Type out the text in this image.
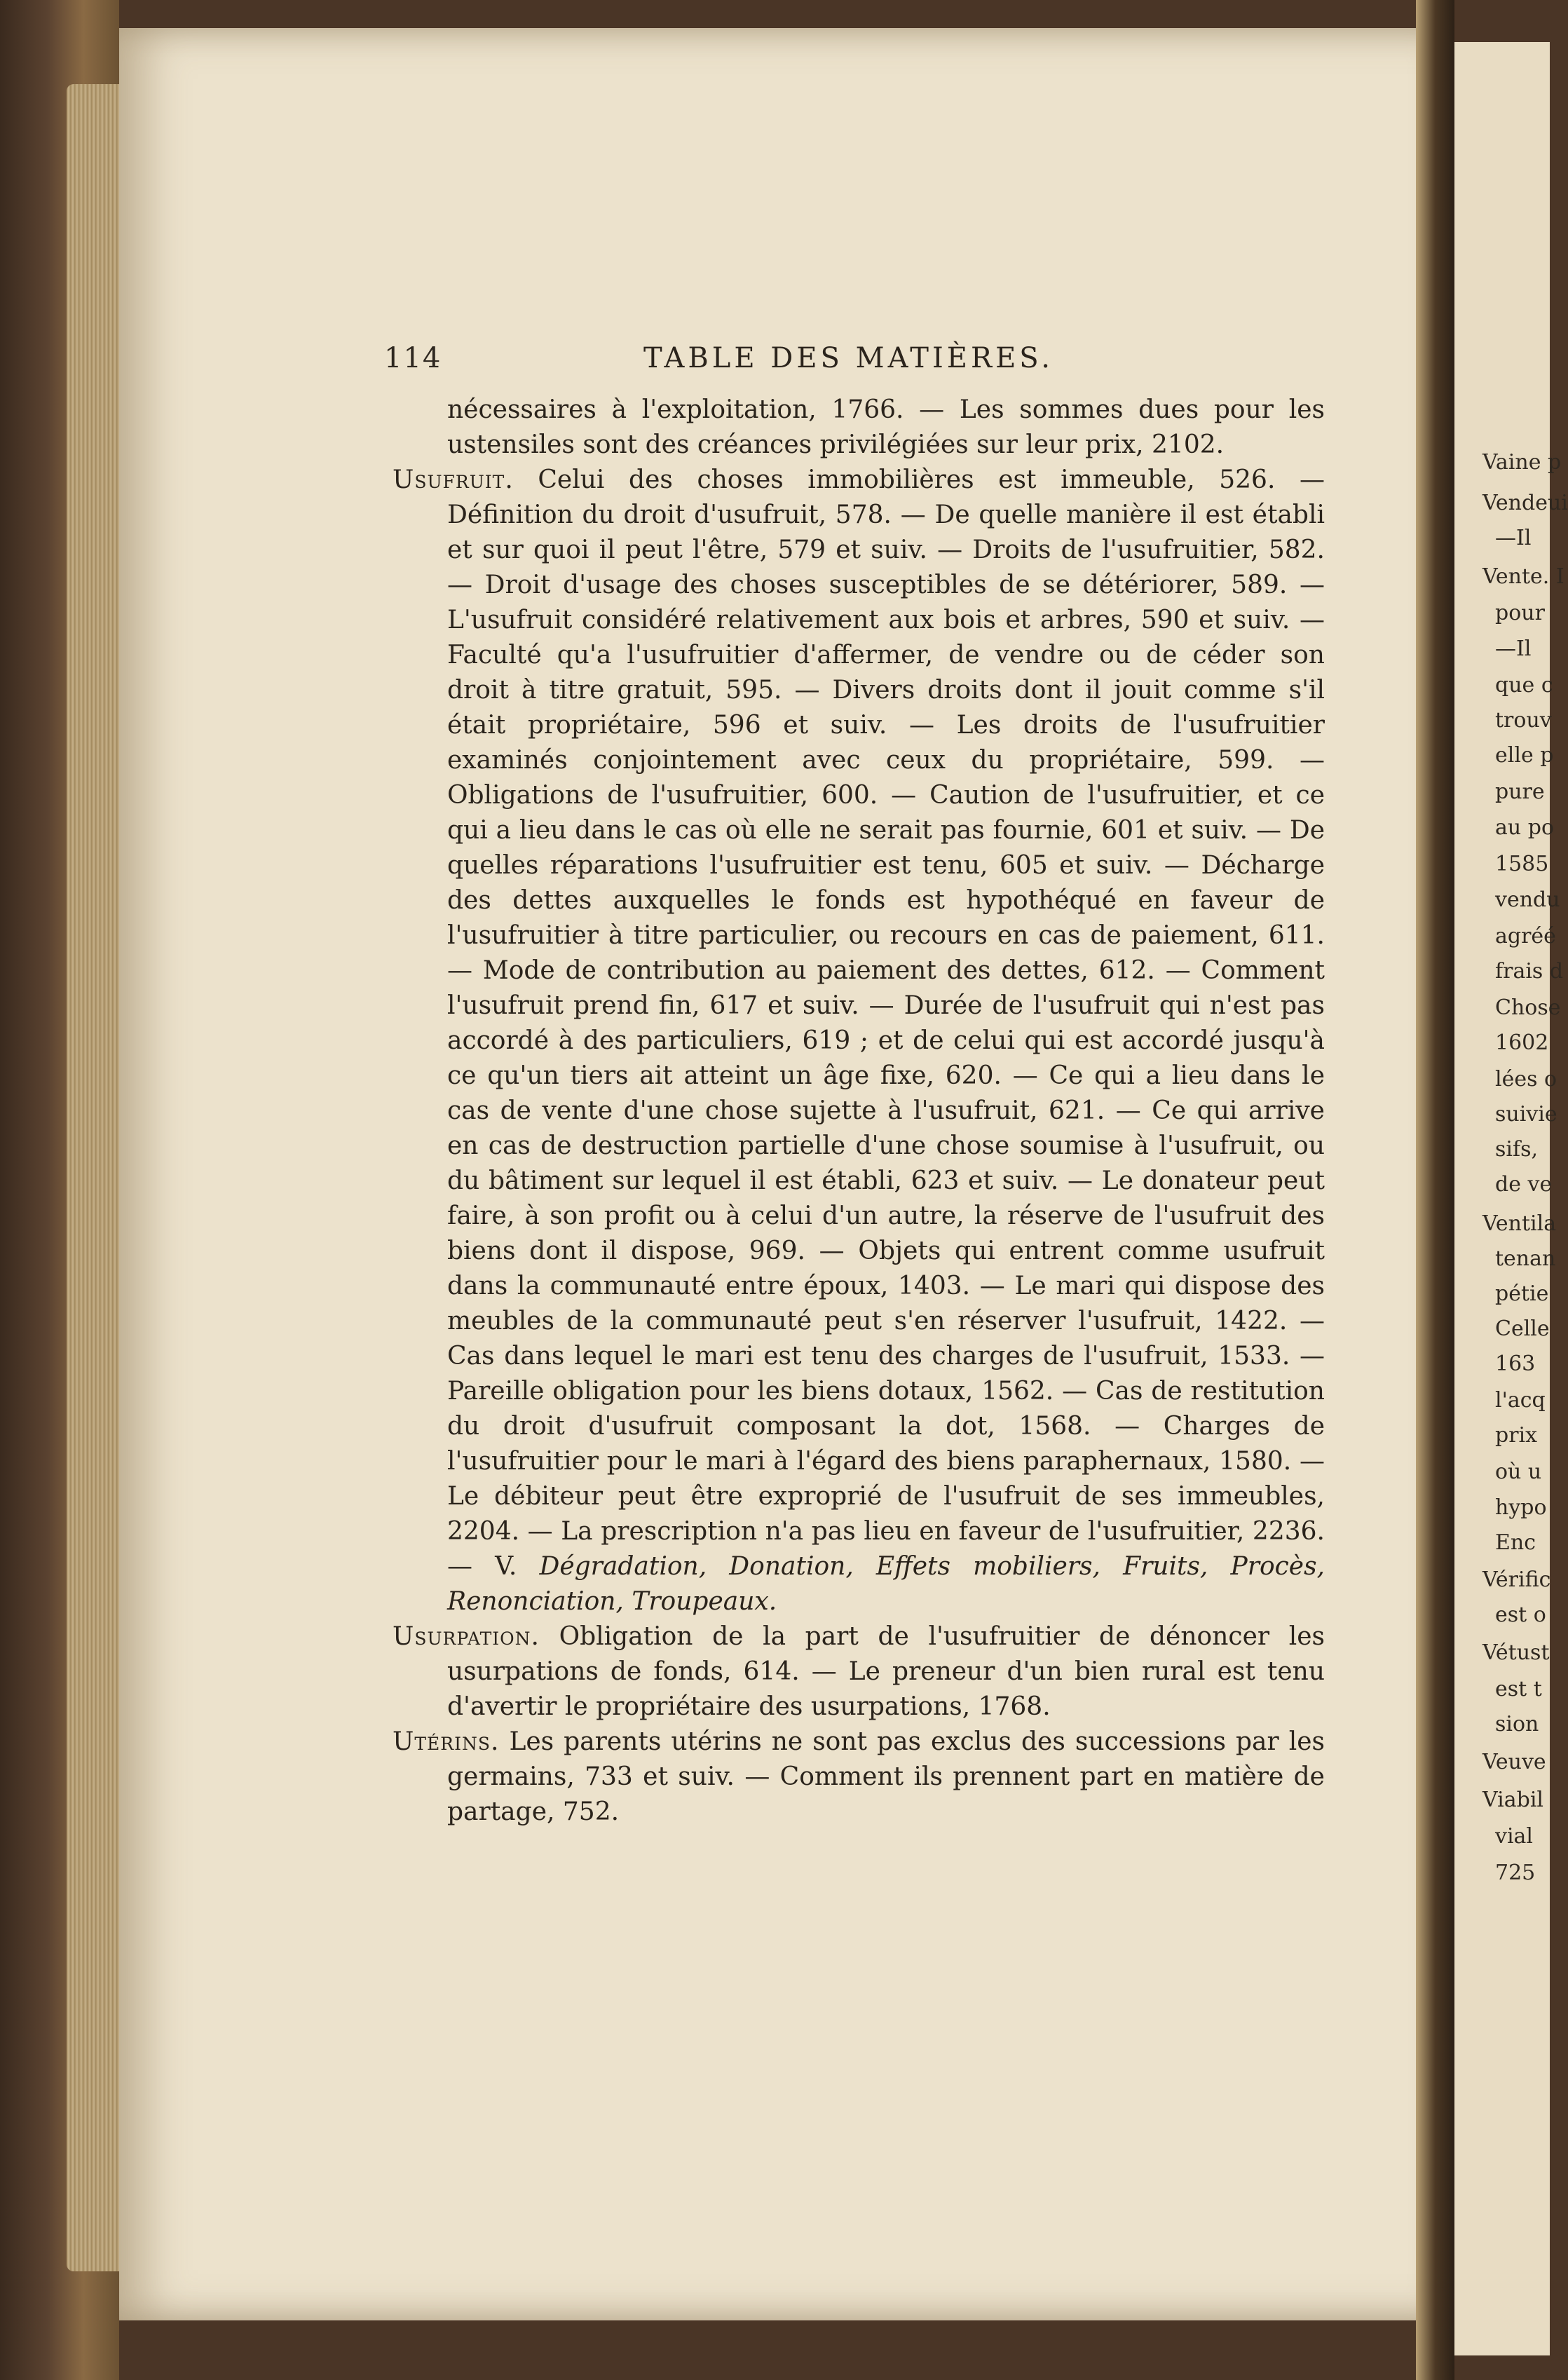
114	TABLE DES MATIÈRES.

nécessaires à l'exploitation, 1766. — Les sommes dues pour les ustensiles sont des créances privilégiées sur leur prix, 2102.

Usufruit. Celui des choses immobilières est immeuble, 526. — Définition du droit d'usufruit, 578. — De quelle manière il est établi et sur quoi il peut l'être, 579 et suiv. — Droits de l'usufruitier, 582. — Droit d'usage des choses susceptibles de se détériorer, 589. — L'usufruit considéré relativement aux bois et arbres, 590 et suiv. — Faculté qu'a l'usufruitier d'affermer, de vendre ou de céder son droit à titre gratuit, 595. — Divers droits dont il jouit comme s'il était propriétaire, 596 et suiv. — Les droits de l'usufruitier examinés conjointement avec ceux du propriétaire, 599. — Obligations de l'usufruitier, 600. — Caution de l'usufruitier, et ce qui a lieu dans le cas où elle ne serait pas fournie, 601 et suiv. — De quelles réparations l'usufruitier est tenu, 605 et suiv. — Décharge des dettes auxquelles le fonds est hypothéqué en faveur de l'usufruitier à titre particulier, ou recours en cas de paiement, 611. — Mode de contribution au paiement des dettes, 612. — Comment l'usufruit prend fin, 617 et suiv. — Durée de l'usufruit qui n'est pas accordé à des particuliers, 619 ; et de celui qui est accordé jusqu'à ce qu'un tiers ait atteint un âge fixe, 620. — Ce qui a lieu dans le cas de vente d'une chose sujette à l'usufruit, 621. — Ce qui arrive en cas de destruction partielle d'une chose soumise à l'usufruit, ou du bâtiment sur lequel il est établi, 623 et suiv. — Le donateur peut faire, à son profit ou à celui d'un autre, la réserve de l'usufruit des biens dont il dispose, 969. — Objets qui entrent comme usufruit dans la communauté entre époux, 1403. — Le mari qui dispose des meubles de la communauté peut s'en réserver l'usufruit, 1422. — Cas dans lequel le mari est tenu des charges de l'usufruit, 1533. — Pareille obligation pour les biens dotaux, 1562. — Cas de restitution du droit d'usufruit composant la dot, 1568. — Charges de l'usufruitier pour le mari à l'égard des biens paraphernaux, 1580. — Le débiteur peut être exproprié de l'usufruit de ses immeubles, 2204. — La prescription n'a pas lieu en faveur de l'usufruitier, 2236. — V. Dégradation, Donation, Effets mobiliers, Fruits, Procès, Renonciation, Troupeaux.

Usurpation. Obligation de la part de l'usufruitier de dénoncer les usurpations de fonds, 614. — Le preneur d'un bien rural est tenu d'avertir le propriétaire des usurpations, 1768.

Utérins. Les parents utérins ne sont pas exclus des successions par les germains, 733 et suiv. — Comment ils prennent part en matière de partage, 752.

Vaine p
Vendeui
—Il
Vente. I
pour
—Il
que c
trouv
elle p
pure
au po
1585
vendu
agréé
frais d
Chose
1602
lées o
suivie
sifs,
de ve
Ventila
tenan
pétie
Celle
163
l'acq
prix
où u
hypo
Enc
Vérific
est o
Vétust
est t
sion
Veuve
Viabil
vial
725
